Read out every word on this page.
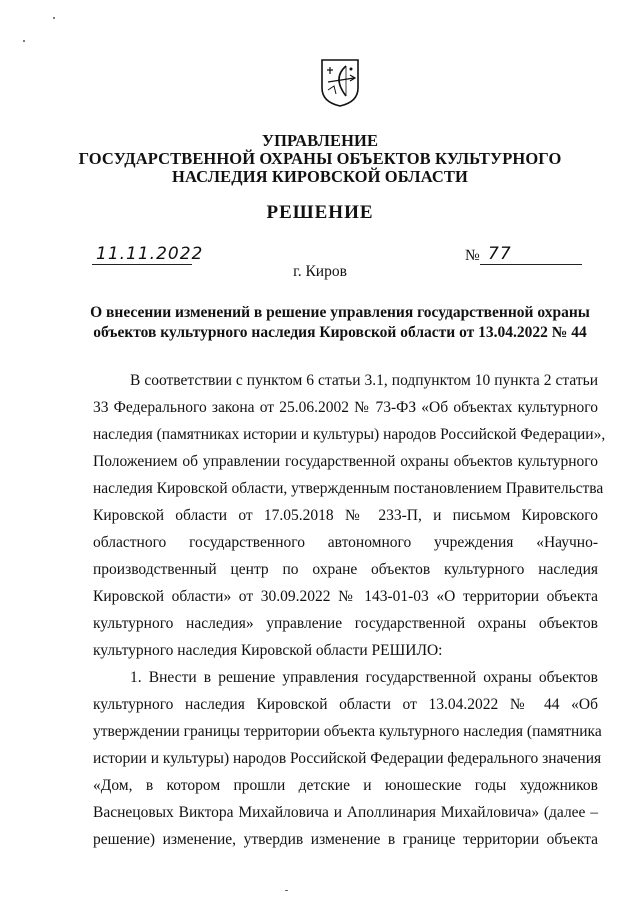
УПРАВЛЕНИЕ
ГОСУДАРСТВЕННОЙ ОХРАНЫ ОБЪЕКТОВ КУЛЬТУРНОГО
НАСЛЕДИЯ КИРОВСКОЙ ОБЛАСТИ
РЕШЕНИЕ
11.11.2022	№ 77
г. Киров
О внесении изменений в решение управления государственной охраны
объектов культурного наследия Кировской области от 13.04.2022 № 44
В соответствии с пунктом 6 статьи 3.1, подпунктом 10 пункта 2 статьи
33 Федерального закона от 25.06.2002 № 73-ФЗ «Об объектах культурного
наследия (памятниках истории и культуры) народов Российской Федерации»,
Положением об управлении государственной охраны объектов культурного
наследия Кировской области, утвержденным постановлением Правительства
Кировской области от 17.05.2018 № 233-П, и письмом Кировского
областного государственного автономного учреждения «Научно-
производственный центр по охране объектов культурного наследия
Кировской области» от 30.09.2022 № 143-01-03 «О территории объекта
культурного наследия» управление государственной охраны объектов
культурного наследия Кировской области РЕШИЛО:
1. Внести в решение управления государственной охраны объектов
культурного наследия Кировской области от 13.04.2022 № 44 «Об
утверждении границы территории объекта культурного наследия (памятника
истории и культуры) народов Российской Федерации федерального значения
«Дом, в котором прошли детские и юношеские годы художников
Васнецовых Виктора Михайловича и Аполлинария Михайловича» (далее –
решение) изменение, утвердив изменение в границе территории объекта
